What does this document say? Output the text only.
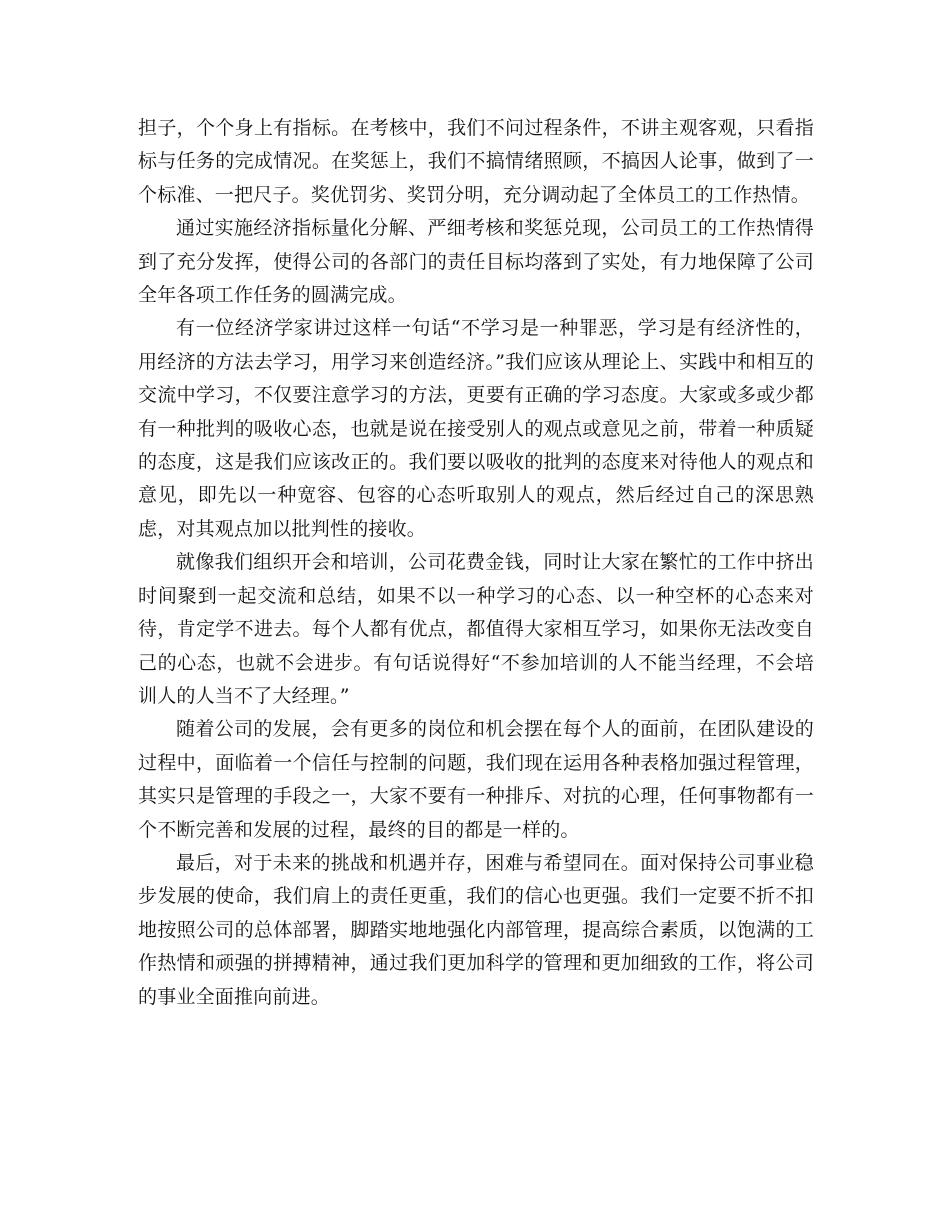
担子，个个身上有指标。在考核中，我们不问过程条件，不讲主观客观，只看指标与任务的完成情况。在奖惩上，我们不搞情绪照顾，不搞因人论事，做到了一个标准、一把尺子。奖优罚劣、奖罚分明，充分调动起了全体员工的工作热情。

通过实施经济指标量化分解、严细考核和奖惩兑现，公司员工的工作热情得到了充分发挥，使得公司的各部门的责任目标均落到了实处，有力地保障了公司全年各项工作任务的圆满完成。

有一位经济学家讲过这样一句话“不学习是一种罪恶，学习是有经济性的，用经济的方法去学习，用学习来创造经济。”我们应该从理论上、实践中和相互的交流中学习，不仅要注意学习的方法，更要有正确的学习态度。大家或多或少都有一种批判的吸收心态，也就是说在接受别人的观点或意见之前，带着一种质疑的态度，这是我们应该改正的。我们要以吸收的批判的态度来对待他人的观点和意见，即先以一种宽容、包容的心态听取别人的观点，然后经过自己的深思熟虑，对其观点加以批判性的接收。

就像我们组织开会和培训，公司花费金钱，同时让大家在繁忙的工作中挤出时间聚到一起交流和总结，如果不以一种学习的心态、以一种空杯的心态来对待，肯定学不进去。每个人都有优点，都值得大家相互学习，如果你无法改变自己的心态，也就不会进步。有句话说得好“不参加培训的人不能当经理，不会培训人的人当不了大经理。”

随着公司的发展，会有更多的岗位和机会摆在每个人的面前，在团队建设的过程中，面临着一个信任与控制的问题，我们现在运用各种表格加强过程管理，其实只是管理的手段之一，大家不要有一种排斥、对抗的心理，任何事物都有一个不断完善和发展的过程，最终的目的都是一样的。

最后，对于未来的挑战和机遇并存，困难与希望同在。面对保持公司事业稳步发展的使命，我们肩上的责任更重，我们的信心也更强。我们一定要不折不扣地按照公司的总体部署，脚踏实地地强化内部管理，提高综合素质，以饱满的工作热情和顽强的拼搏精神，通过我们更加科学的管理和更加细致的工作，将公司的事业全面推向前进。
